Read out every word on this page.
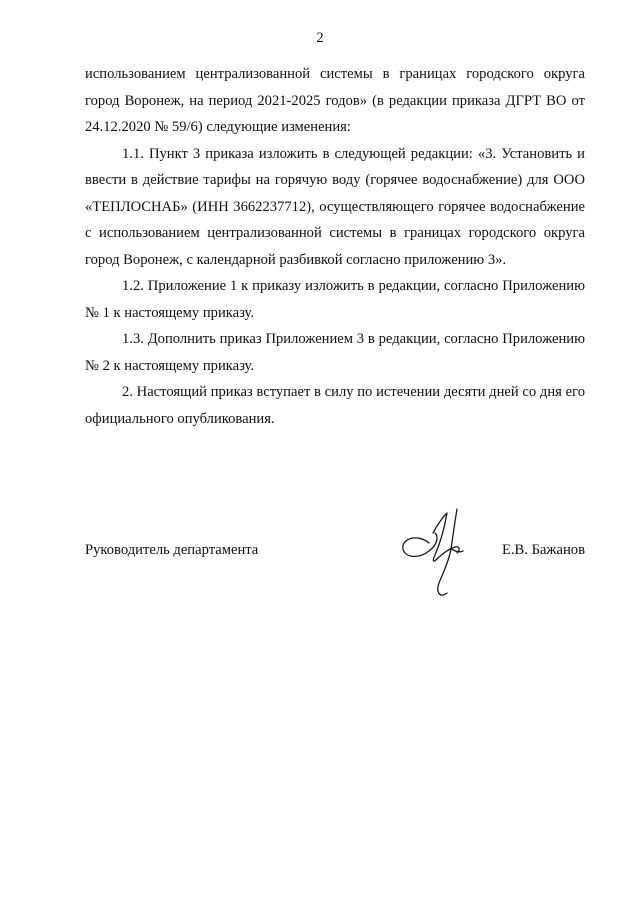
2

использованием централизованной системы в границах городского округа город Воронеж, на период 2021-2025 годов» (в редакции приказа ДГРТ ВО от 24.12.2020 № 59/6) следующие изменения:

1.1. Пункт 3 приказа изложить в следующей редакции: «3. Установить и ввести в действие тарифы на горячую воду (горячее водоснабжение) для ООО «ТЕПЛОСНАБ» (ИНН 3662237712), осуществляющего горячее водоснабжение с использованием централизованной системы в границах городского округа город Воронеж, с календарной разбивкой согласно приложению 3».

1.2. Приложение 1 к приказу изложить в редакции, согласно Приложению № 1 к настоящему приказу.

1.3. Дополнить приказ Приложением 3 в редакции, согласно Приложению № 2 к настоящему приказу.

2. Настоящий приказ вступает в силу по истечении десяти дней со дня его официального опубликования.

Руководитель департамента	Е.В. Бажанов
